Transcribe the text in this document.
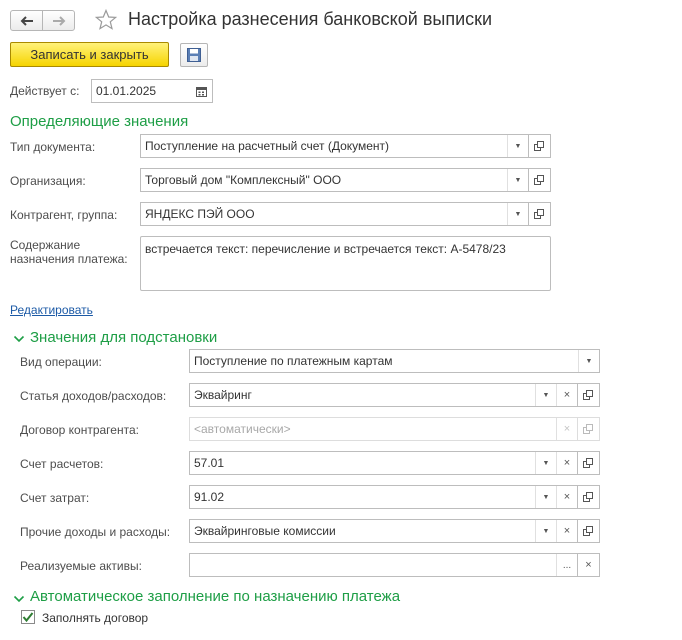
Настройка разнесения банковской выписки
Записать и закрыть
Действует с:	01.01.2025
Определяющие значения
Тип документа:	Поступление на расчетный счет (Документ)	▼
Организация:	Торговый дом "Комплексный" ООО	▼
Контрагент, группа:	ЯНДЕКС ПЭЙ ООО	▼
Содержание назначения платежа:
встречается текст: перечисление и встречается текст: А-5478/23
Редактировать
Значения для подстановки
Вид операции:	Поступление по платежным картам	▼
Статья доходов/расходов:	Эквайринг	▼ ×
Договор контрагента:	<автоматически>	×
Счет расчетов:	57.01	▼ ×
Счет затрат:	91.02	▼ ×
Прочие доходы и расходы:	Эквайринговые комиссии	▼ ×
Реализуемые активы:	... ×
Автоматическое заполнение по назначению платежа
Заполнять договор
